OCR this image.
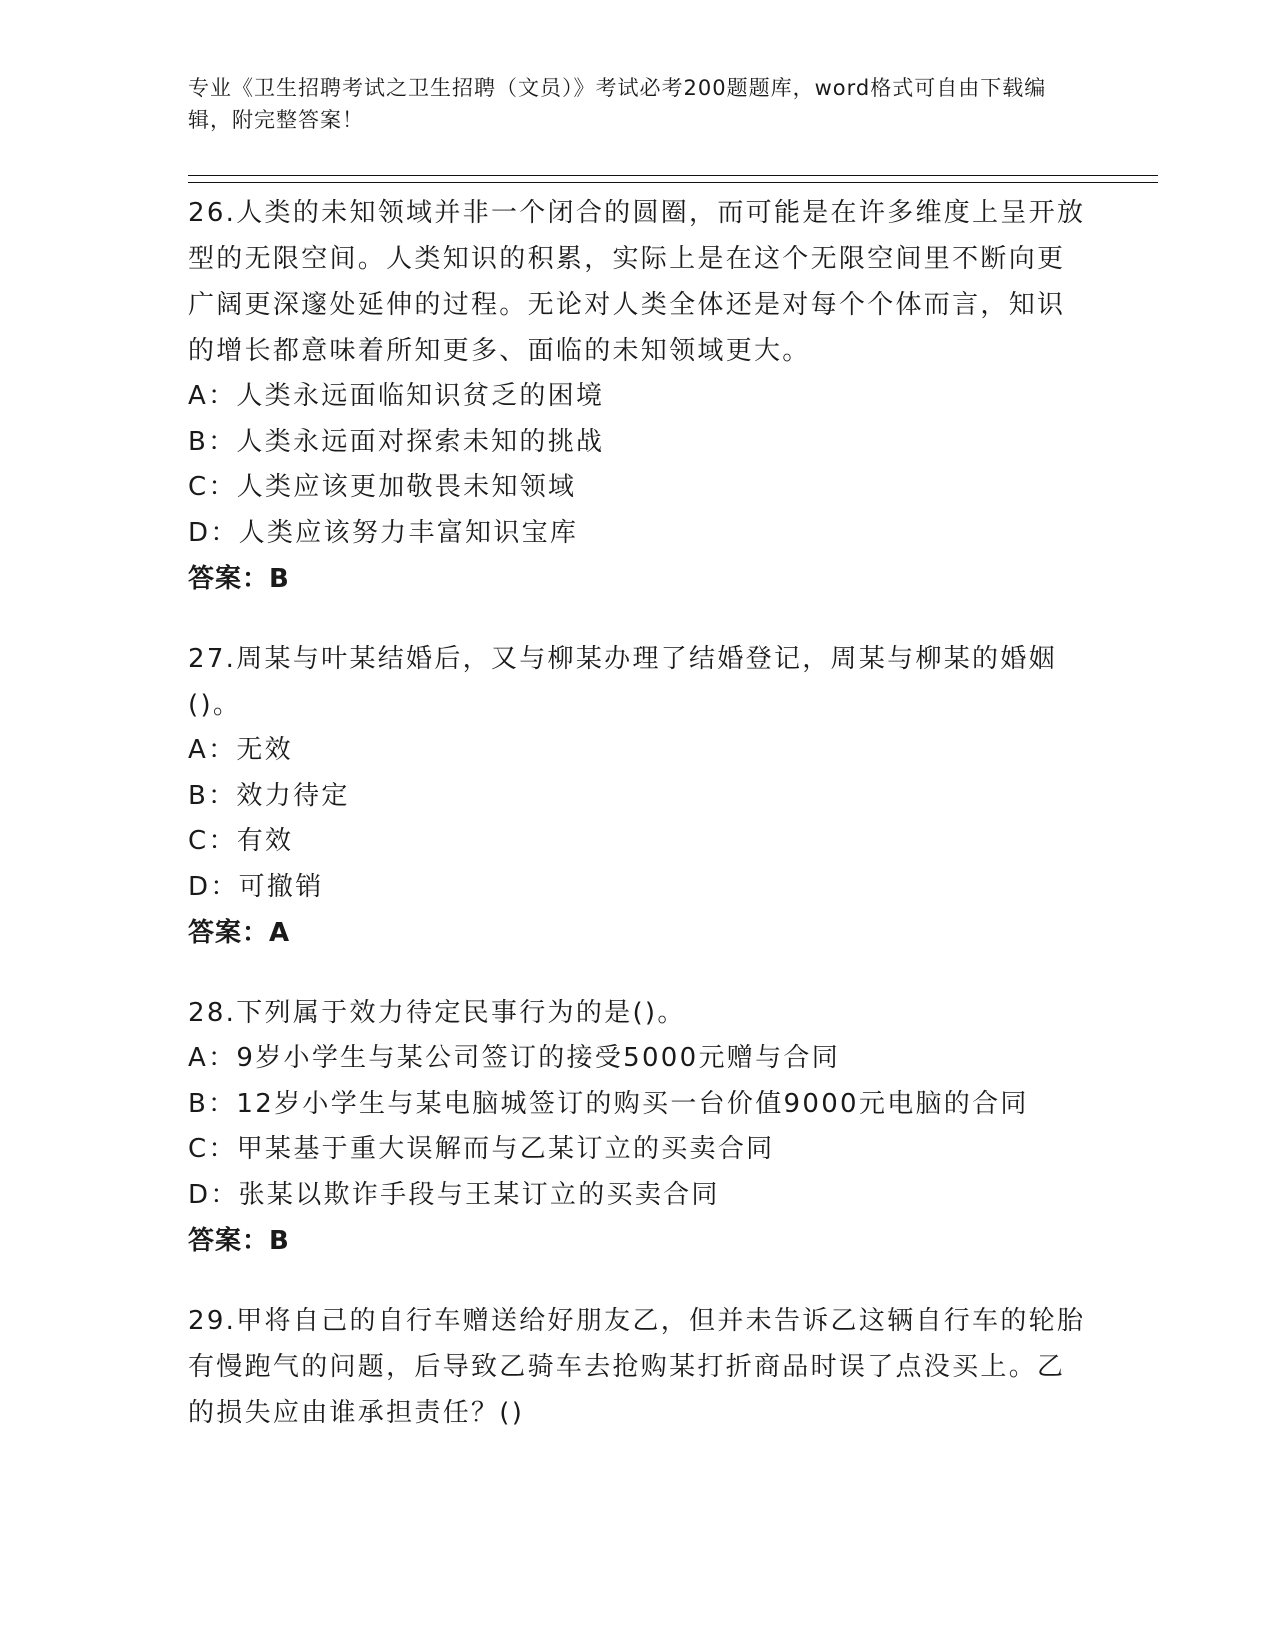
专业《卫生招聘考试之卫生招聘（文员）》考试必考200题题库，word格式可自由下载编辑，附完整答案！

26.人类的未知领域并非一个闭合的圆圈，而可能是在许多维度上呈开放型的无限空间。人类知识的积累，实际上是在这个无限空间里不断向更广阔更深邃处延伸的过程。无论对人类全体还是对每个个体而言，知识的增长都意味着所知更多、面临的未知领域更大。

A：人类永远面临知识贫乏的困境
B：人类永远面对探索未知的挑战
C：人类应该更加敬畏未知领域
D：人类应该努力丰富知识宝库
答案：B

27.周某与叶某结婚后，又与柳某办理了结婚登记，周某与柳某的婚姻()。

A：无效
B：效力待定
C：有效
D：可撤销
答案：A

28.下列属于效力待定民事行为的是()。

A：9岁小学生与某公司签订的接受5000元赠与合同
B：12岁小学生与某电脑城签订的购买一台价值9000元电脑的合同
C：甲某基于重大误解而与乙某订立的买卖合同
D：张某以欺诈手段与王某订立的买卖合同
答案：B

29.甲将自己的自行车赠送给好朋友乙，但并未告诉乙这辆自行车的轮胎有慢跑气的问题，后导致乙骑车去抢购某打折商品时误了点没买上。乙的损失应由谁承担责任？()
